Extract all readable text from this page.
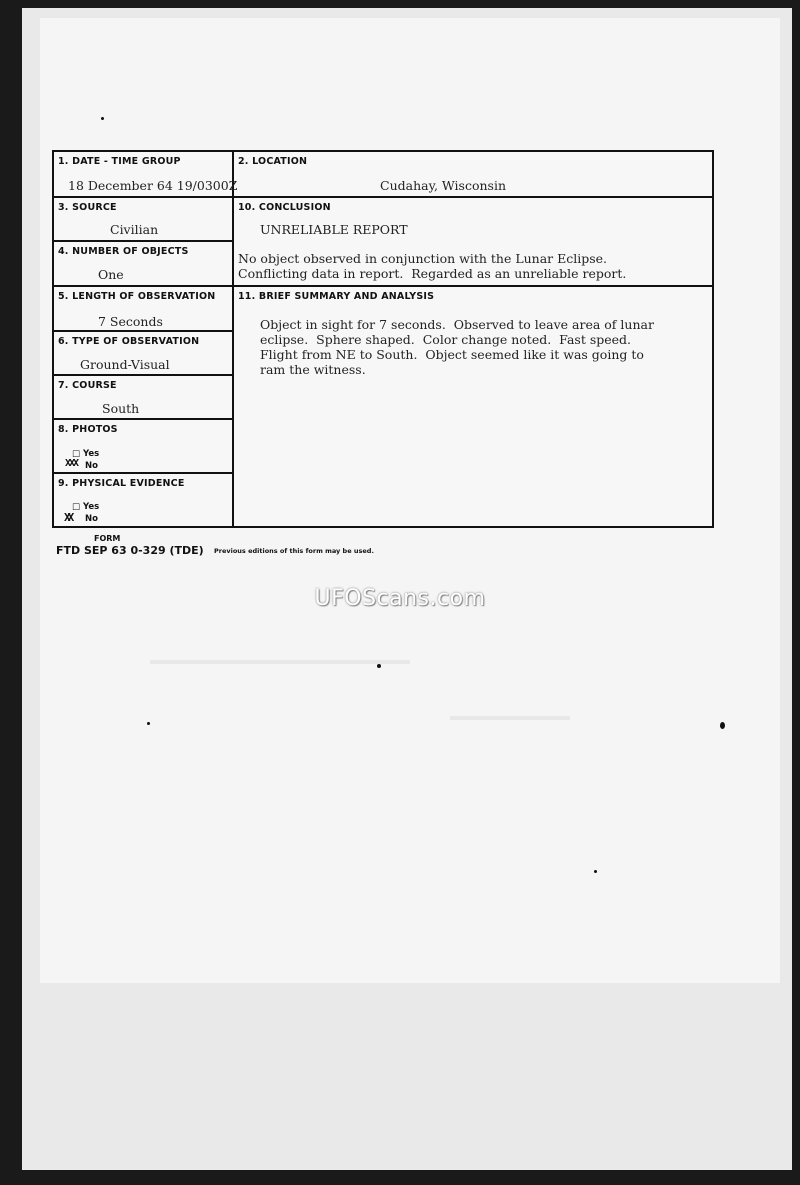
1. DATE - TIME GROUP
18 December 64 19/0300Z
2. LOCATION
Cudahay, Wisconsin
3. SOURCE
Civilian
10. CONCLUSION
UNRELIABLE REPORT
No object observed in conjunction with the Lunar Eclipse.
Conflicting data in report.  Regarded as an unreliable report.
4. NUMBER OF OBJECTS
One
5. LENGTH OF OBSERVATION
7 Seconds
11. BRIEF SUMMARY AND ANALYSIS
Object in sight for 7 seconds.  Observed to leave area of lunar
eclipse.  Sphere shaped.  Color change noted.  Fast speed.
Flight from NE to South.  Object seemed like it was going to
ram the witness.
6. TYPE OF OBSERVATION
Ground-Visual
7. COURSE
South
8. PHOTOS
□ Yes
XXX No
9. PHYSICAL EVIDENCE
□ Yes
XX No
FORM
FTD SEP 63 0-329 (TDE) Previous editions of this form may be used.
UFOScans.com
